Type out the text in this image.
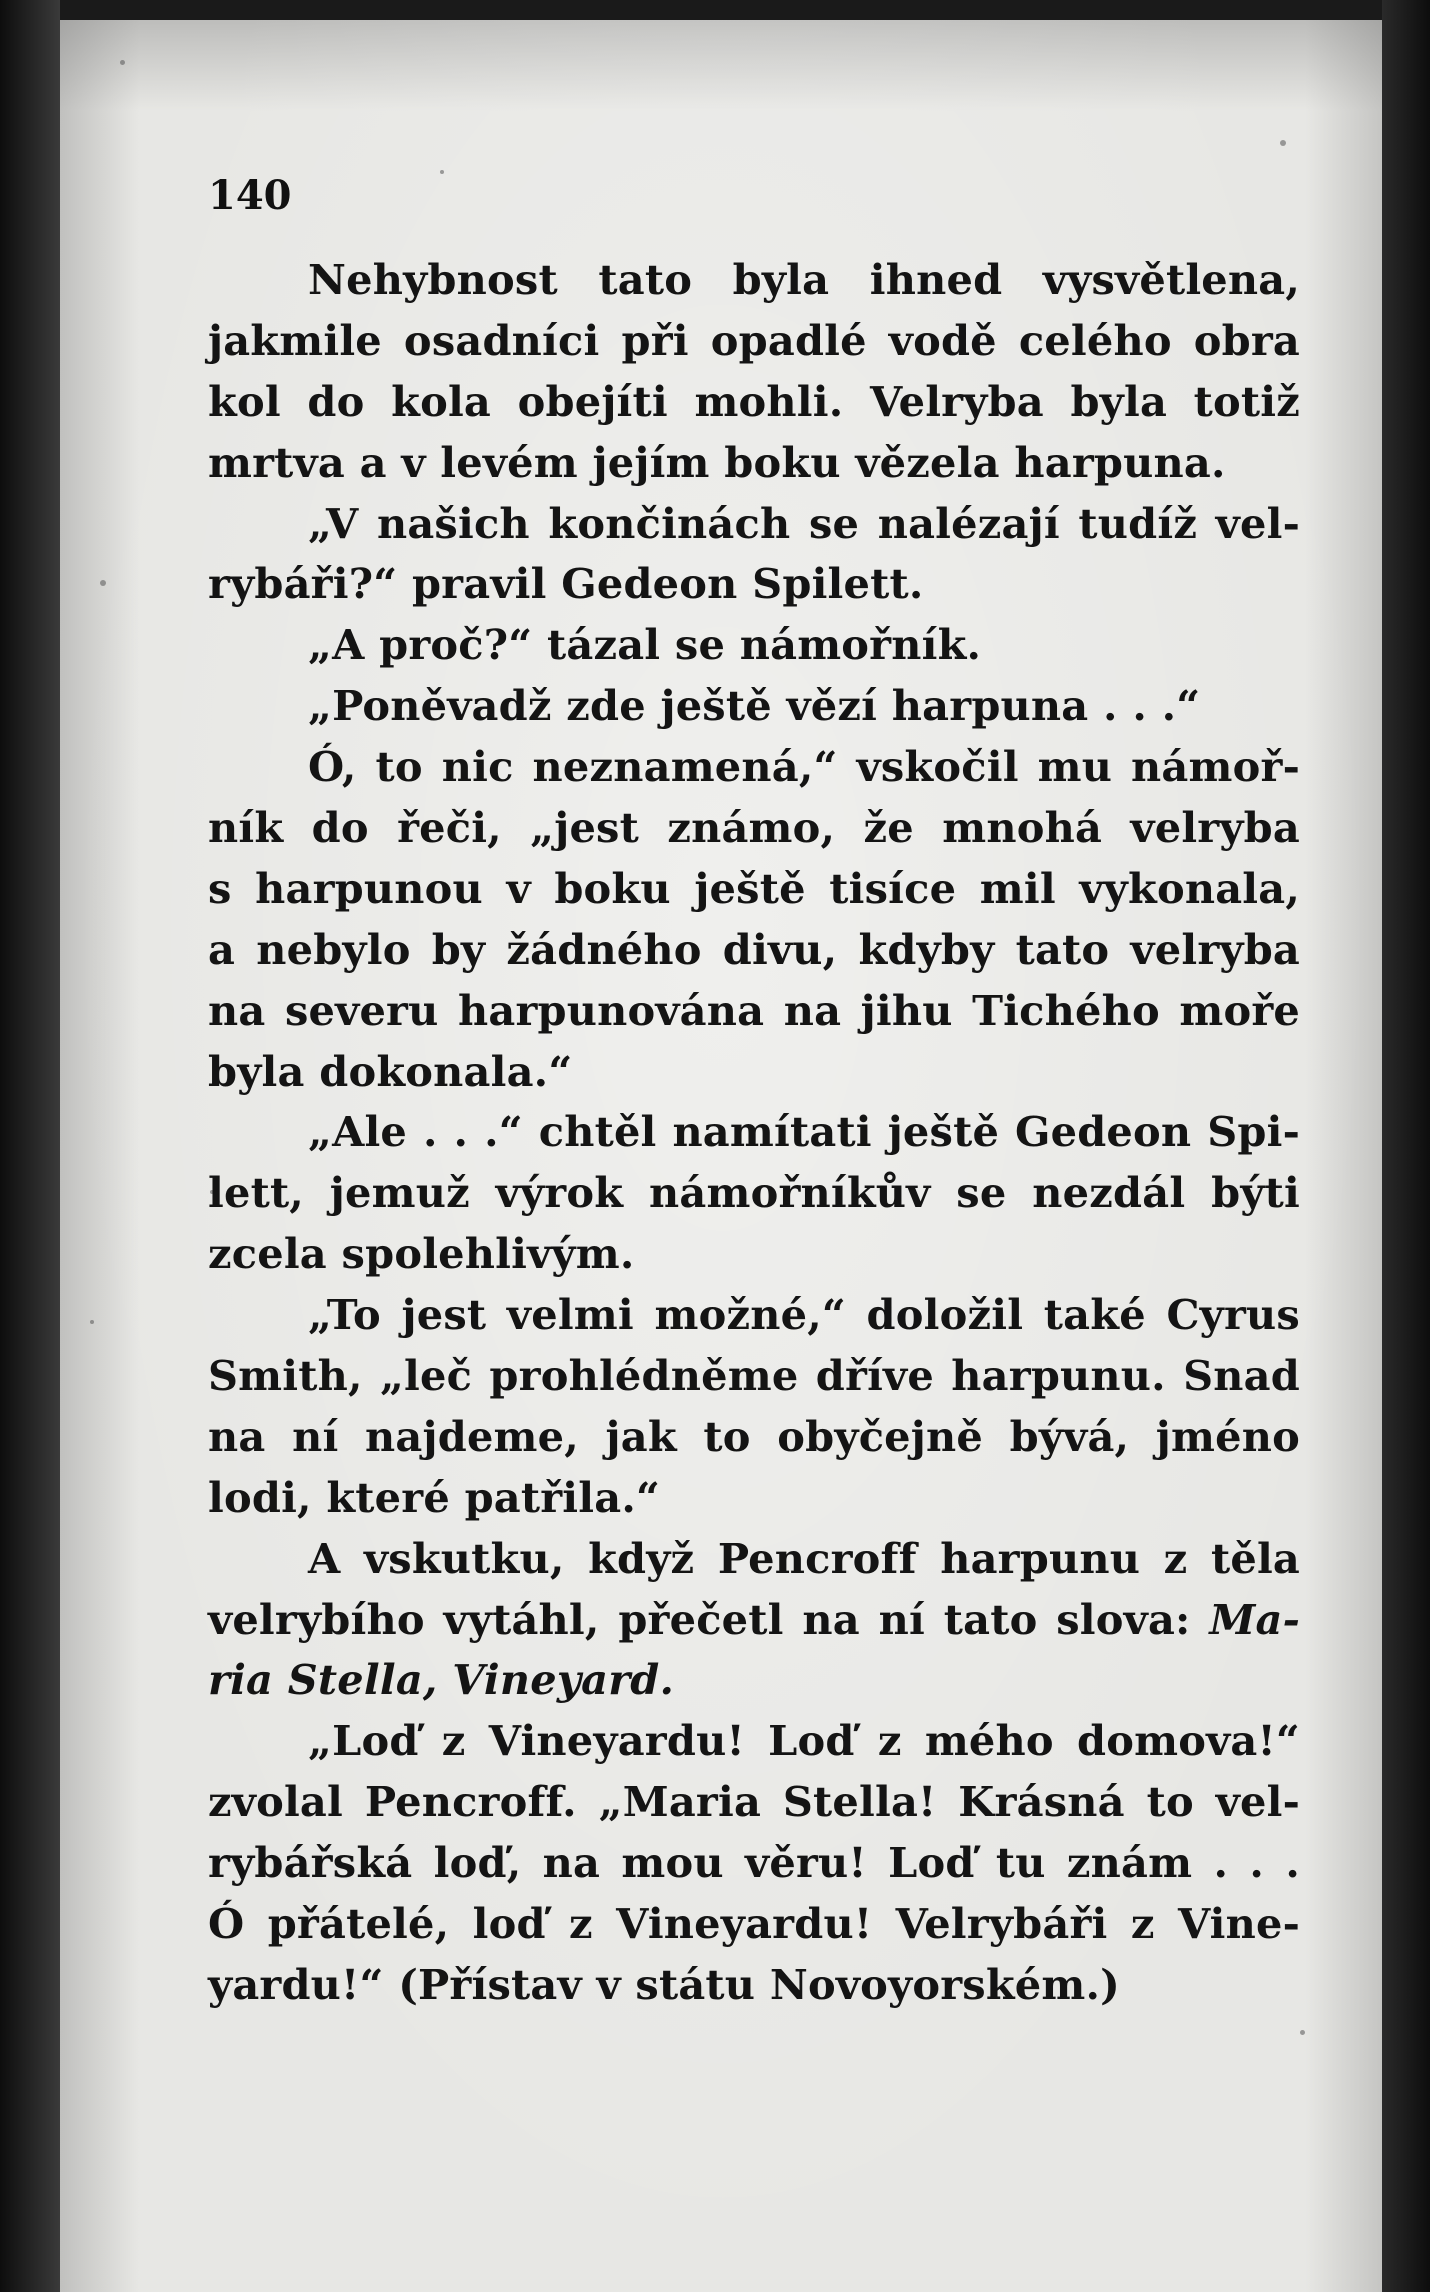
140
Nehybnost tato byla ihned vysvětlena,
jakmile osadníci při opadlé vodě celého obra
kol do kola obejíti mohli. Velryba byla totiž
mrtva a v levém jejím boku vězela harpuna.
„V našich končinách se nalézají tudíž vel-
rybáři?“ pravil Gedeon Spilett.
„A proč?“ tázal se námořník.
„Poněvadž zde ještě vězí harpuna . . .“
Ó, to nic neznamená,“ vskočil mu námoř-
ník do řeči, „jest známo, že mnohá velryba
s harpunou v boku ještě tisíce mil vykonala,
a nebylo by žádného divu, kdyby tato velryba
na severu harpunována na jihu Tichého moře
byla dokonala.“
„Ale . . .“ chtěl namítati ještě Gedeon Spi-
lett, jemuž výrok námořníkův se nezdál býti
zcela spolehlivým.
„To jest velmi možné,“ doložil také Cyrus
Smith, „leč prohlédněme dříve harpunu. Snad
na ní najdeme, jak to obyčejně bývá, jméno
lodi, které patřila.“
A vskutku, když Pencroff harpunu z těla
velrybího vytáhl, přečetl na ní tato slova: Ma-
ria Stella, Vineyard.
„Loď z Vineyardu! Loď z mého domova!“
zvolal Pencroff. „Maria Stella! Krásná to vel-
rybářská loď, na mou věru! Loď tu znám . . .
Ó přátelé, loď z Vineyardu! Velrybáři z Vine-
yardu!“ (Přístav v státu Novoyorském.)
